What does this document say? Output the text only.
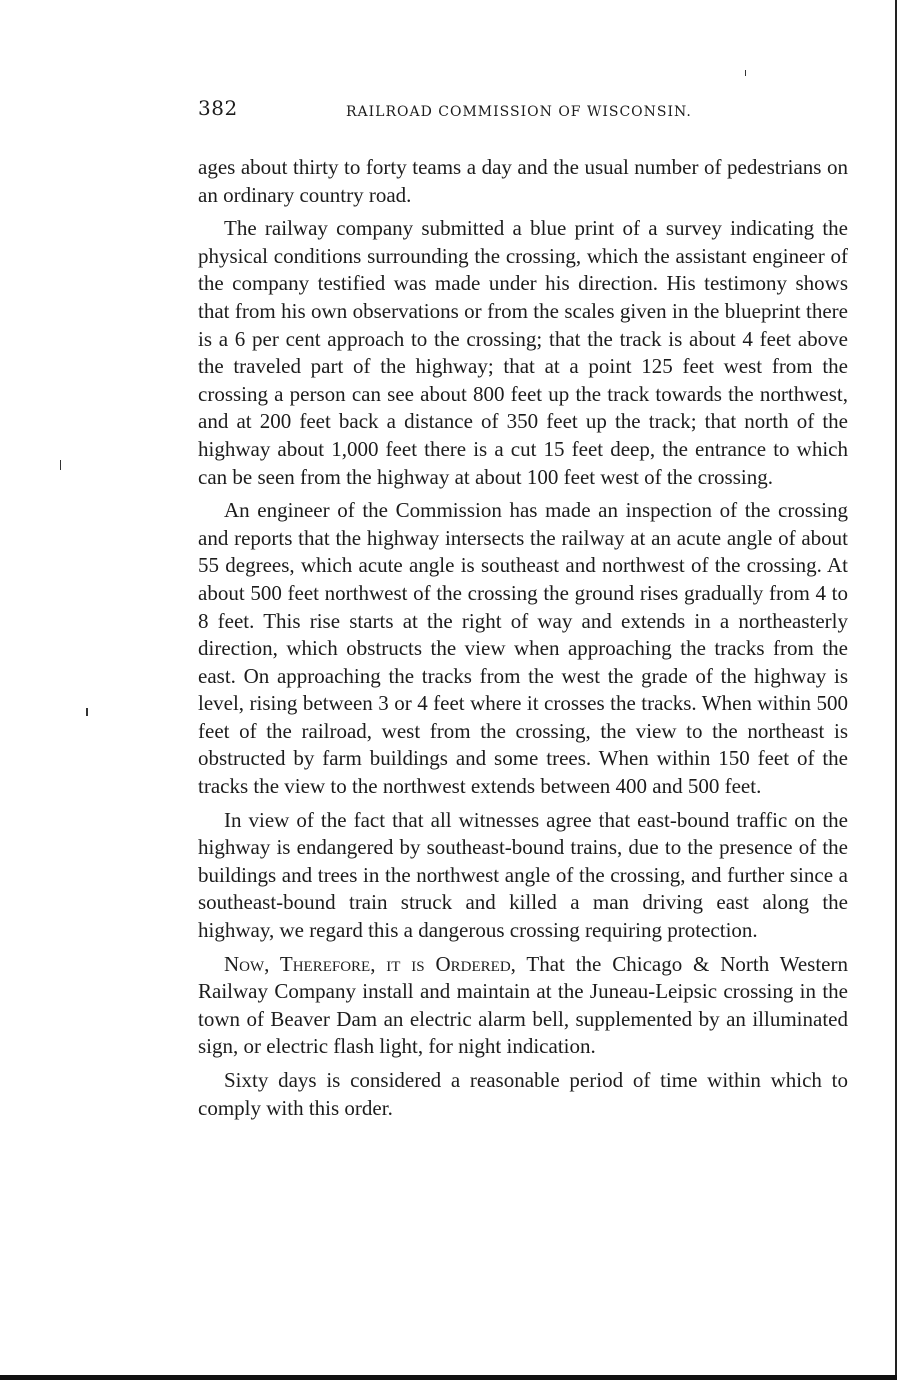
382	RAILROAD COMMISSION OF WISCONSIN.

ages about thirty to forty teams a day and the usual number of pedestrians on an ordinary country road.

The railway company submitted a blue print of a survey indicating the physical conditions surrounding the crossing, which the assistant engineer of the company testified was made under his direction. His testimony shows that from his own observations or from the scales given in the blueprint there is a 6 per cent approach to the crossing; that the track is about 4 feet above the traveled part of the highway; that at a point 125 feet west from the crossing a person can see about 800 feet up the track towards the northwest, and at 200 feet back a distance of 350 feet up the track; that north of the highway about 1,000 feet there is a cut 15 feet deep, the entrance to which can be seen from the highway at about 100 feet west of the crossing.

An engineer of the Commission has made an inspection of the crossing and reports that the highway intersects the railway at an acute angle of about 55 degrees, which acute angle is southeast and northwest of the crossing. At about 500 feet northwest of the crossing the ground rises gradually from 4 to 8 feet. This rise starts at the right of way and extends in a northeasterly direction, which obstructs the view when approaching the tracks from the east. On approaching the tracks from the west the grade of the highway is level, rising between 3 or 4 feet where it crosses the tracks. When within 500 feet of the railroad, west from the crossing, the view to the northeast is obstructed by farm buildings and some trees. When within 150 feet of the tracks the view to the northwest extends between 400 and 500 feet.

In view of the fact that all witnesses agree that east-bound traffic on the highway is endangered by southeast-bound trains, due to the presence of the buildings and trees in the northwest angle of the crossing, and further since a southeast-bound train struck and killed a man driving east along the highway, we regard this a dangerous crossing requiring protection.

Now, Therefore, it is Ordered, That the Chicago & North Western Railway Company install and maintain at the Juneau-Leipsic crossing in the town of Beaver Dam an electric alarm bell, supplemented by an illuminated sign, or electric flash light, for night indication.

Sixty days is considered a reasonable period of time within which to comply with this order.
